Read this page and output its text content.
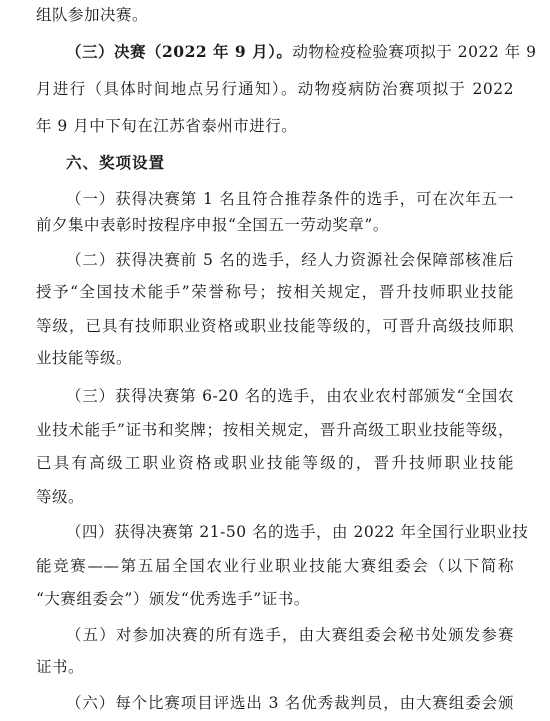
组队参加决赛。
（三）决赛（2022 年 9 月）。动物检疫检验赛项拟于 2022 年 9
月进行（具体时间地点另行通知）。动物疫病防治赛项拟于 2022
年 9 月中下旬在江苏省泰州市进行。
六、奖项设置
（一）获得决赛第 1 名且符合推荐条件的选手，可在次年五一
前夕集中表彰时按程序申报“全国五一劳动奖章”。
（二）获得决赛前 5 名的选手，经人力资源社会保障部核准后
授予“全国技术能手”荣誉称号；按相关规定，晋升技师职业技能
等级，已具有技师职业资格或职业技能等级的，可晋升高级技师职
业技能等级。
（三）获得决赛第 6-20 名的选手，由农业农村部颁发“全国农
业技术能手”证书和奖牌；按相关规定，晋升高级工职业技能等级，
已具有高级工职业资格或职业技能等级的，晋升技师职业技能
等级。
（四）获得决赛第 21-50 名的选手，由 2022 年全国行业职业技
能竞赛——第五届全国农业行业职业技能大赛组委会（以下简称
“大赛组委会”）颁发“优秀选手”证书。
（五）对参加决赛的所有选手，由大赛组委会秘书处颁发参赛
证书。
（六）每个比赛项目评选出 3 名优秀裁判员，由大赛组委会颁
